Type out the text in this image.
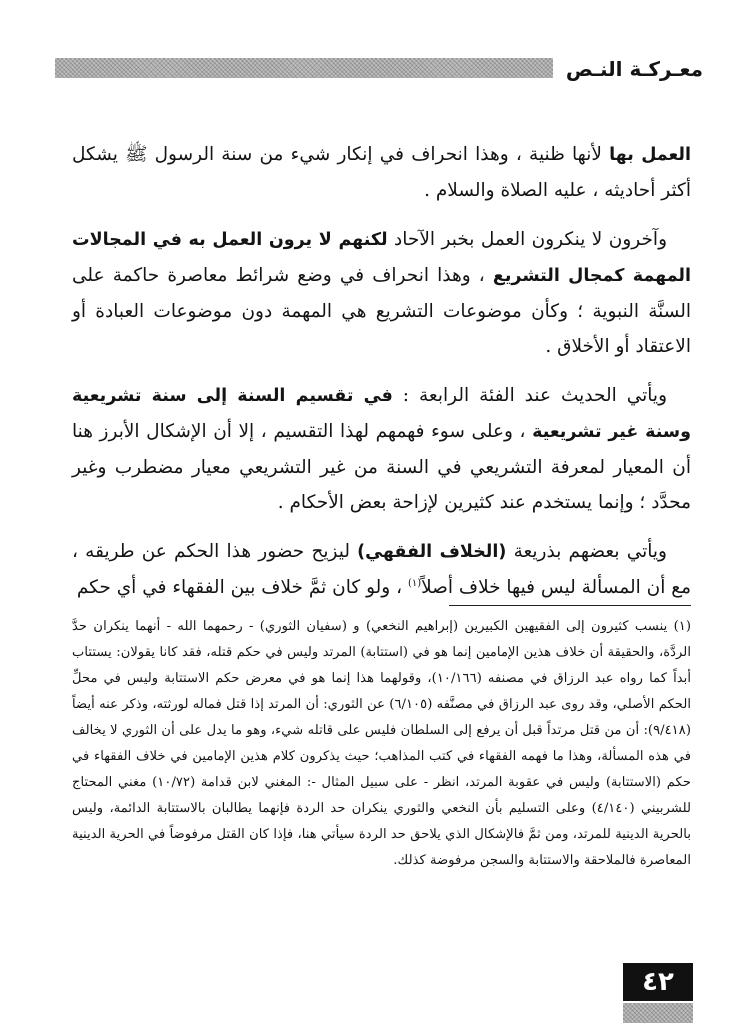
معـركـة النـص

العمل بها لأنها ظنية ، وهذا انحراف في إنكار شيء من سنة الرسول ﷺ يشكل أكثر أحاديثه ، عليه الصلاة والسلام .

وآخرون لا ينكرون العمل بخبر الآحاد لكنهم لا يرون العمل به في المجالات المهمة كمجال التشريع ، وهذا انحراف في وضع شرائط معاصرة حاكمة على السنَّة النبوية ؛ وكأن موضوعات التشريع هي المهمة دون موضوعات العبادة أو الاعتقاد أو الأخلاق .

ويأتي الحديث عند الفئة الرابعة : في تقسيم السنة إلى سنة تشريعية وسنة غير تشريعية ، وعلى سوء فهمهم لهذا التقسيم ، إلا أن الإشكال الأبرز هنا أن المعيار لمعرفة التشريعي في السنة من غير التشريعي معيار مضطرب وغير محدَّد ؛ وإنما يستخدم عند كثيرين لإزاحة بعض الأحكام .

ويأتي بعضهم بذريعة (الخلاف الفقهي) ليزيح حضور هذا الحكم عن طريقه ، مع أن المسألة ليس فيها خلاف أصلاً$^{(١)}$ ، ولو كان ثمَّ خلاف بين الفقهاء في أي حكم

(١) ينسب كثيرون إلى الفقيهين الكبيرين (إبراهيم النخعي) و (سفيان الثوري) - رحمهما الله - أنهما ينكران حدَّ الردَّة، والحقيقة أن خلاف هذين الإمامين إنما هو في (استتابة) المرتد وليس في حكم قتله، فقد كانا يقولان: يستتاب أبداً كما رواه عبد الرزاق في مصنفه (١٠/١٦٦)، وقولهما هذا إنما هو في معرض حكم الاستتابة وليس في محلِّ الحكم الأصلي، وقد روى عبد الرزاق في مصنَّفه (٦/١٠٥) عن الثوري: أن المرتد إذا قتل فماله لورثته، وذكر عنه أيضاً (٩/٤١٨): أن من قتل مرتداً قبل أن يرفع إلى السلطان فليس على قاتله شيء، وهو ما يدل على أن الثوري لا يخالف في هذه المسألة، وهذا ما فهمه الفقهاء في كتب المذاهب؛ حيث يذكرون كلام هذين الإمامين في خلاف الفقهاء في حكم (الاستتابة) وليس في عقوبة المرتد، انظر - على سبيل المثال -: المغني لابن قدامة (١٠/٧٢) مغني المحتاج للشربيني (٤/١٤٠) وعلى التسليم بأن النخعي والثوري ينكران حد الردة فإنهما يطالبان بالاستتابة الدائمة، وليس بالحرية الدينية للمرتد، ومن ثمَّ فالإشكال الذي يلاحق حد الردة سيأتي هنا، فإذا كان القتل مرفوضاً في الحرية الدينية المعاصرة فالملاحقة والاستتابة والسجن مرفوضة كذلك.

٤٢
